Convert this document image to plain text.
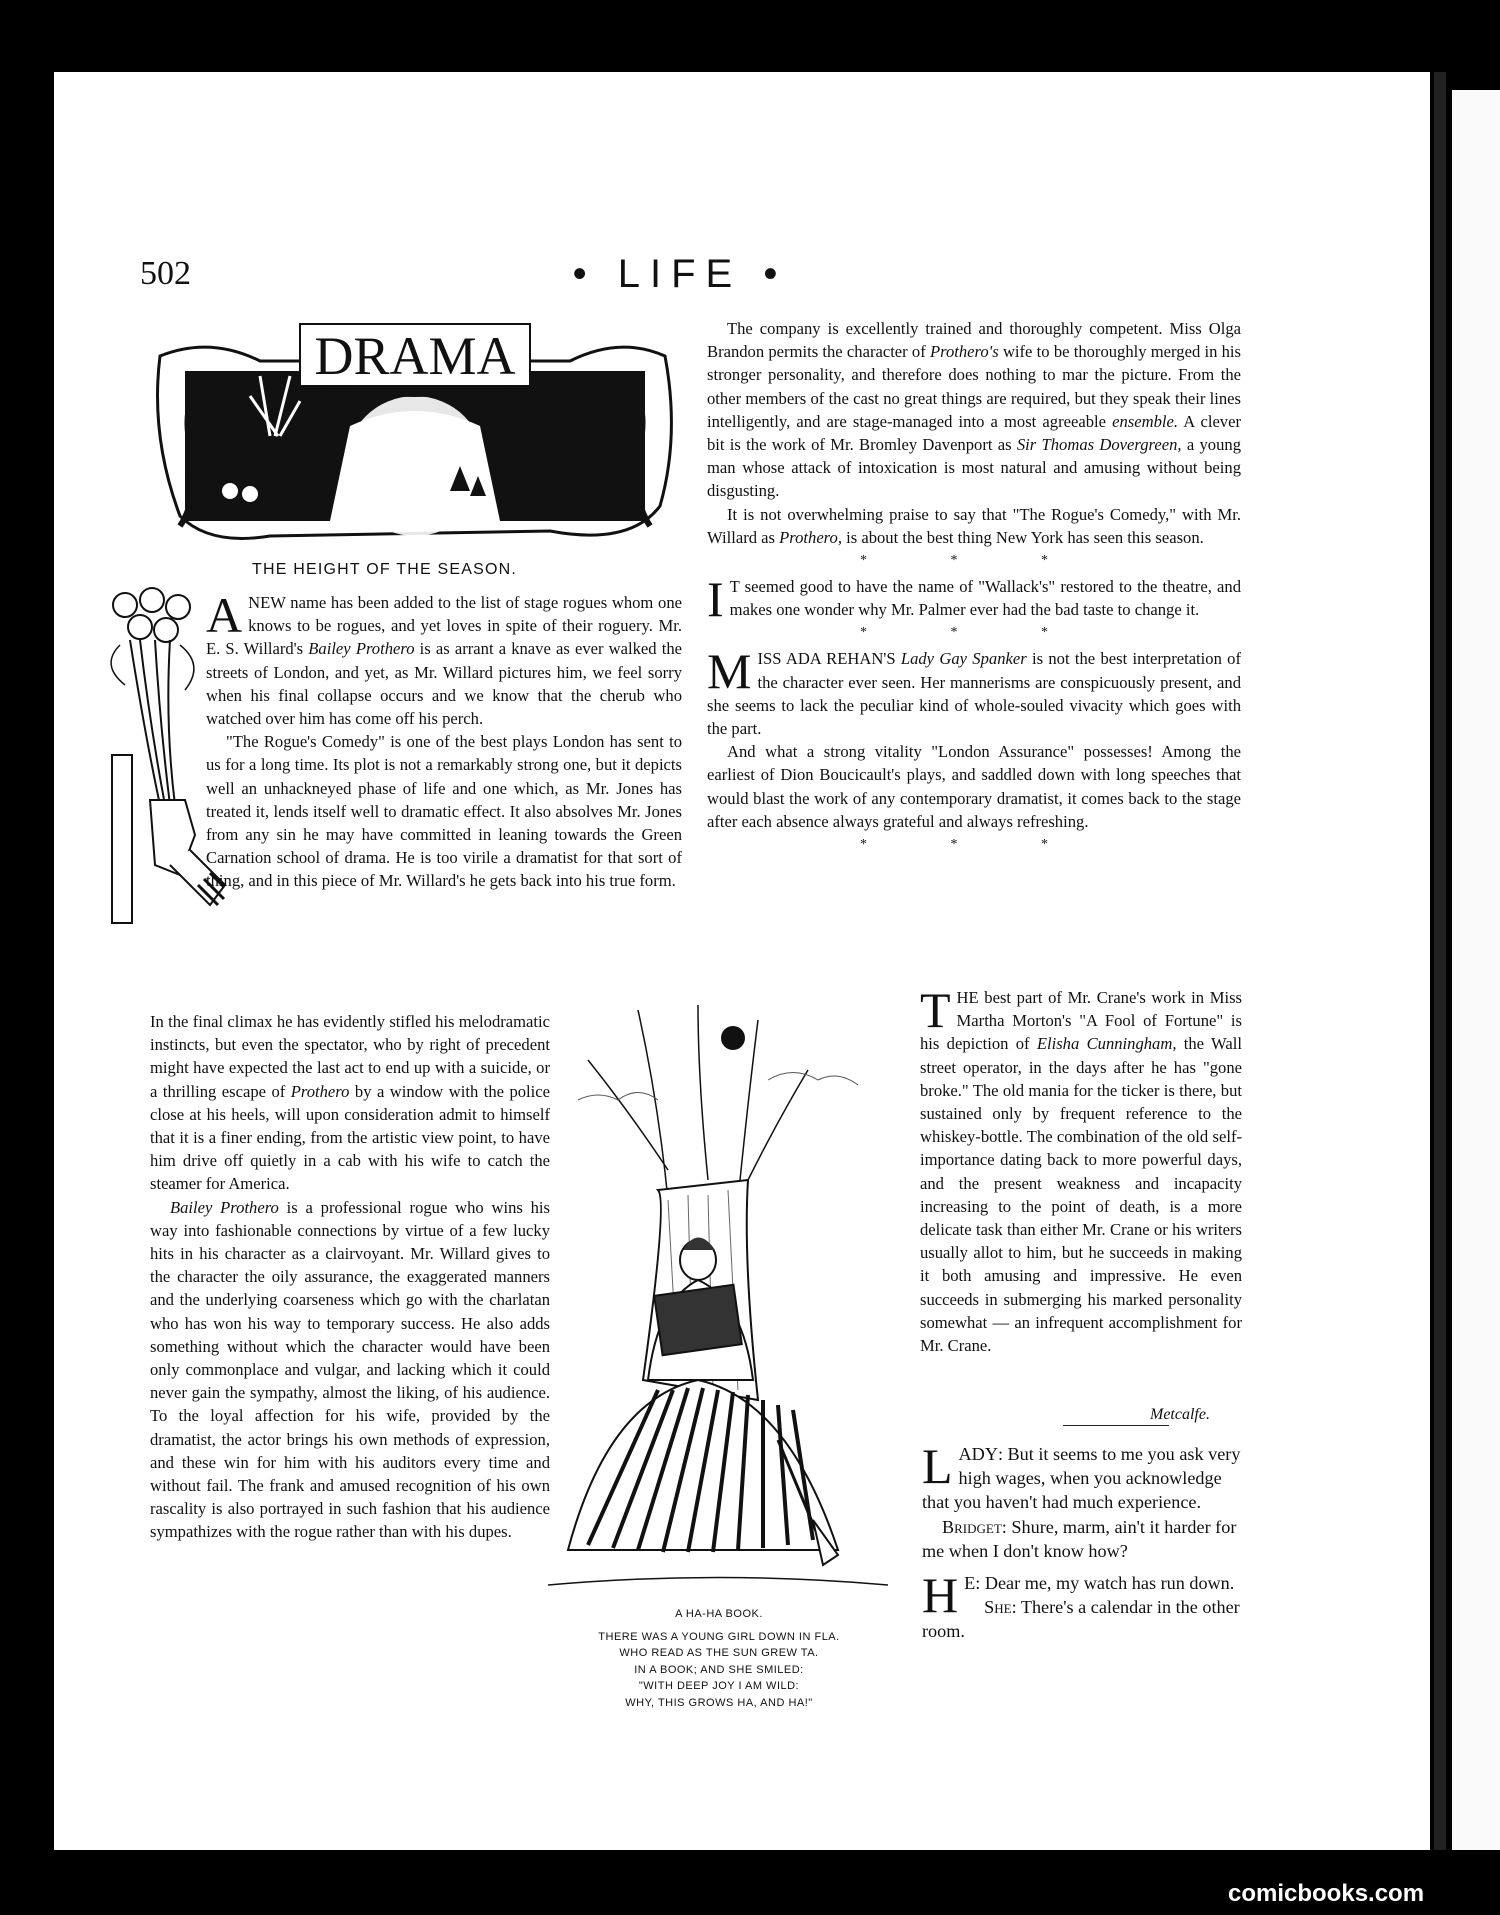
502	• LIFE •
DRAMA
THE HEIGHT OF THE SEASON.

ANEW name has been added to the list of stage rogues whom one knows to be rogues, and yet loves in spite of their roguery. Mr. E. S. Willard's Bailey Prothero is as arrant a knave as ever walked the streets of London, and yet, as Mr. Willard pictures him, we feel sorry when his final collapse occurs and we know that the cherub who watched over him has come off his perch.

"The Rogue's Comedy" is one of the best plays London has sent to us for a long time. Its plot is not a remarkably strong one, but it depicts well an unhackneyed phase of life and one which, as Mr. Jones has treated it, lends itself well to dramatic effect. It also absolves Mr. Jones from any sin he may have committed in leaning towards the Green Carnation school of drama. He is too virile a dramatist for that sort of thing, and in this piece of Mr. Willard's he gets back into his true form.

In the final climax he has evidently stifled his melodramatic instincts, but even the spectator, who by right of precedent might have expected the last act to end up with a suicide, or a thrilling escape of Prothero by a window with the police close at his heels, will upon consideration admit to himself that it is a finer ending, from the artistic view point, to have him drive off quietly in a cab with his wife to catch the steamer for America.

Bailey Prothero is a professional rogue who wins his way into fashionable connections by virtue of a few lucky hits in his character as a clairvoyant. Mr. Willard gives to the character the oily assurance, the exaggerated manners and the underlying coarseness which go with the charlatan who has won his way to temporary success. He also adds something without which the character would have been only commonplace and vulgar, and lacking which it could never gain the sympathy, almost the liking, of his audience. To the loyal affection for his wife, provided by the dramatist, the actor brings his own methods of expression, and these win for him with his auditors every time and without fail. The frank and amused recognition of his own rascality is also portrayed in such fashion that his audience sympathizes with the rogue rather than with his dupes.

The company is excellently trained and thoroughly competent. Miss Olga Brandon permits the character of Prothero's wife to be thoroughly merged in his stronger personality, and therefore does nothing to mar the picture. From the other members of the cast no great things are required, but they speak their lines intelligently, and are stage-managed into a most agreeable ensemble. A clever bit is the work of Mr. Bromley Davenport as Sir Thomas Dovergreen, a young man whose attack of intoxication is most natural and amusing without being disgusting.

It is not overwhelming praise to say that "The Rogue's Comedy," with Mr. Willard as Prothero, is about the best thing New York has seen this season.

* * *

I T seemed good to have the name of "Wallack's" restored to the theatre, and makes one wonder why Mr. Palmer ever had the bad taste to change it.

* * *

MISS ADA REHAN'S Lady Gay Spanker is not the best interpretation of the character ever seen. Her mannerisms are conspicuously present, and she seems to lack the peculiar kind of whole-souled vivacity which goes with the part.

And what a strong vitality "London Assurance" possesses! Among the earliest of Dion Boucicault's plays, and saddled down with long speeches that would blast the work of any contemporary dramatist, it comes back to the stage after each absence always grateful and always refreshing.

* * *

THE best part of Mr. Crane's work in Miss Martha Morton's "A Fool of Fortune" is his depiction of Elisha Cunningham, the Wall street operator, in the days after he has "gone broke." The old mania for the ticker is there, but sustained only by frequent reference to the whiskey-bottle. The combination of the old self-importance dating back to more powerful days, and the present weakness and incapacity increasing to the point of death, is a more delicate task than either Mr. Crane or his writers usually allot to him, but he succeeds in making it both amusing and impressive. He even succeeds in submerging his marked personality somewhat — an infrequent accomplishment for Mr. Crane.

Metcalfe.
A HA-HA BOOK.
THERE WAS A YOUNG GIRL DOWN IN FLA.
WHO READ AS THE SUN GREW TA.
IN A BOOK; AND SHE SMILED:
"WITH DEEP JOY I AM WILD:
WHY, THIS GROWS HA, AND HA!"

LADY: But it seems to me you ask very high wages, when you acknowledge that you haven't had much experience.

Bridget: Shure, marm, ain't it harder for me when I don't know how?

H E: Dear me, my watch has run down.

She: There's a calendar in the other room.

comicbooks.com
